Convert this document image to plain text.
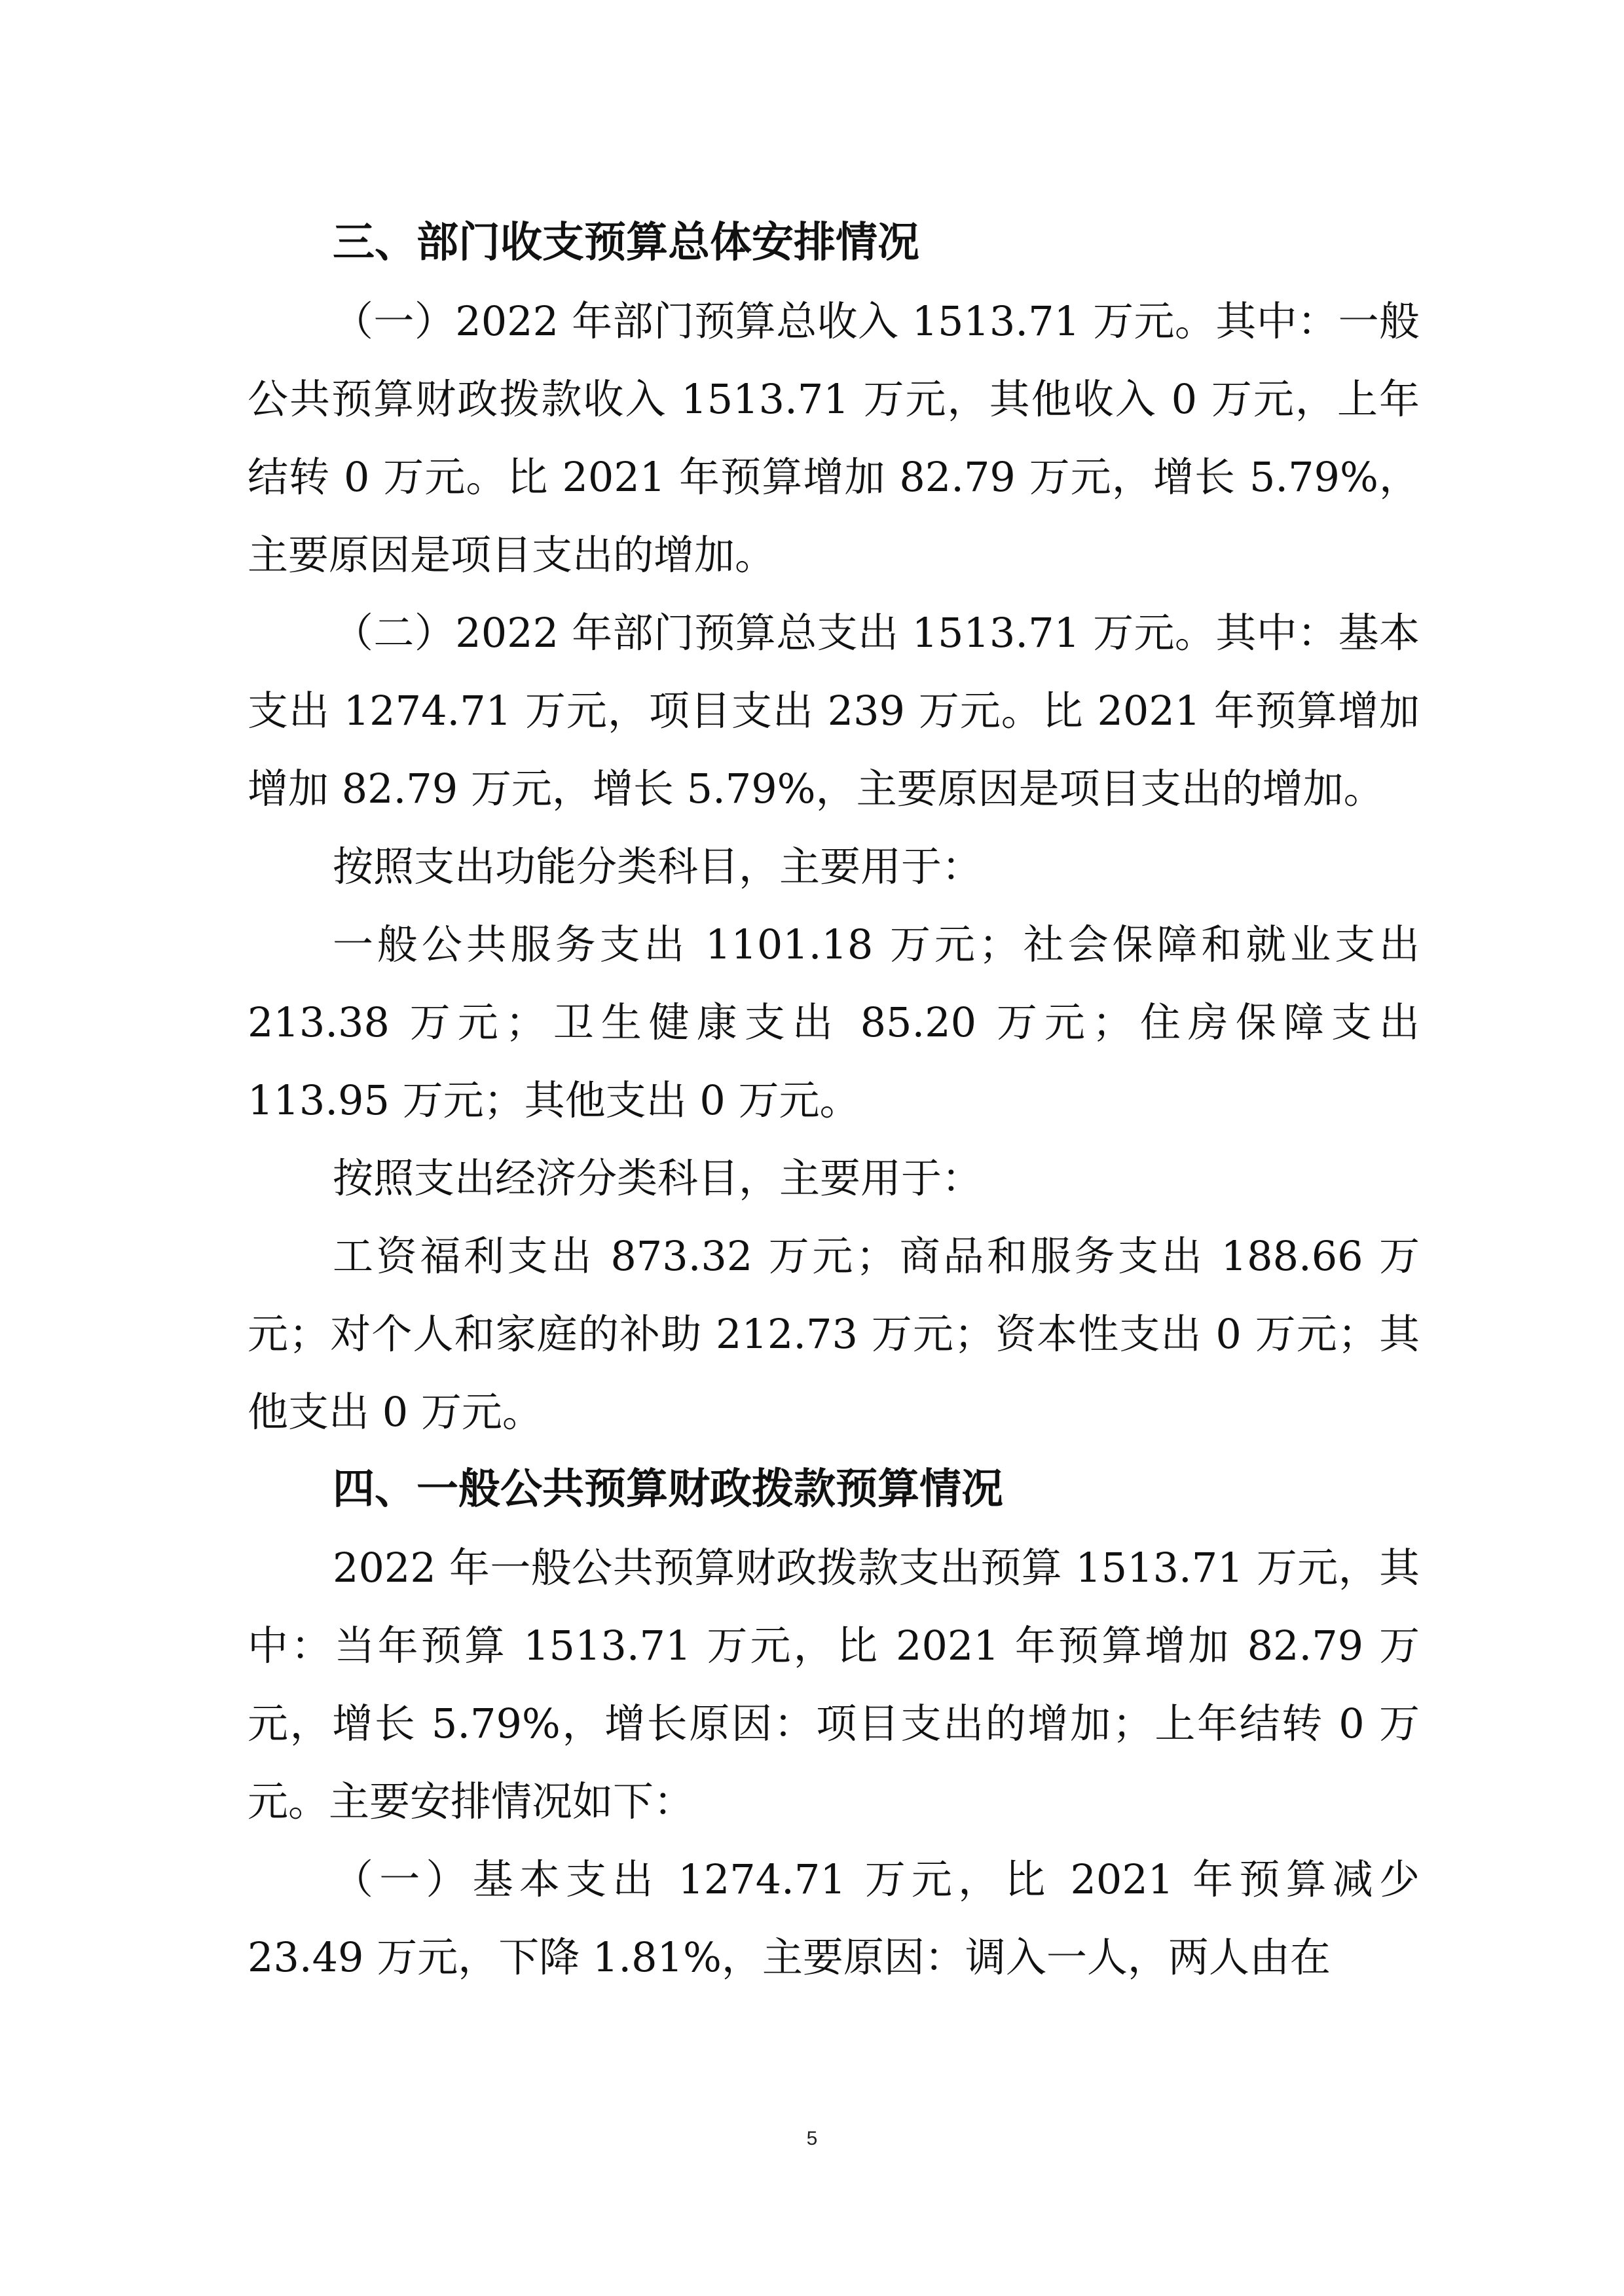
三、部门收支预算总体安排情况

（一）2022 年部门预算总收入 1513.71 万元。其中：一般公共预算财政拨款收入 1513.71 万元，其他收入 0 万元，上年结转 0 万元。比 2021 年预算增加 82.79 万元，增长 5.79%，主要原因是项目支出的增加。

（二）2022 年部门预算总支出 1513.71 万元。其中：基本支出 1274.71 万元，项目支出 239 万元。比 2021 年预算增加增加 82.79 万元，增长 5.79%，主要原因是项目支出的增加。

按照支出功能分类科目，主要用于：

一般公共服务支出 1101.18 万元；社会保障和就业支出 213.38 万元；卫生健康支出 85.20 万元；住房保障支出 113.95 万元；其他支出 0 万元。

按照支出经济分类科目，主要用于：

工资福利支出 873.32 万元；商品和服务支出 188.66 万元；对个人和家庭的补助 212.73 万元；资本性支出 0 万元；其他支出 0 万元。

四、一般公共预算财政拨款预算情况

2022 年一般公共预算财政拨款支出预算 1513.71 万元，其中：当年预算 1513.71 万元，比 2021 年预算增加 82.79 万元，增长 5.79%，增长原因：项目支出的增加；上年结转 0 万元。主要安排情况如下：

（一）基本支出 1274.71 万元，比 2021 年预算减少 23.49 万元，下降 1.81%，主要原因：调入一人，两人由在

5
